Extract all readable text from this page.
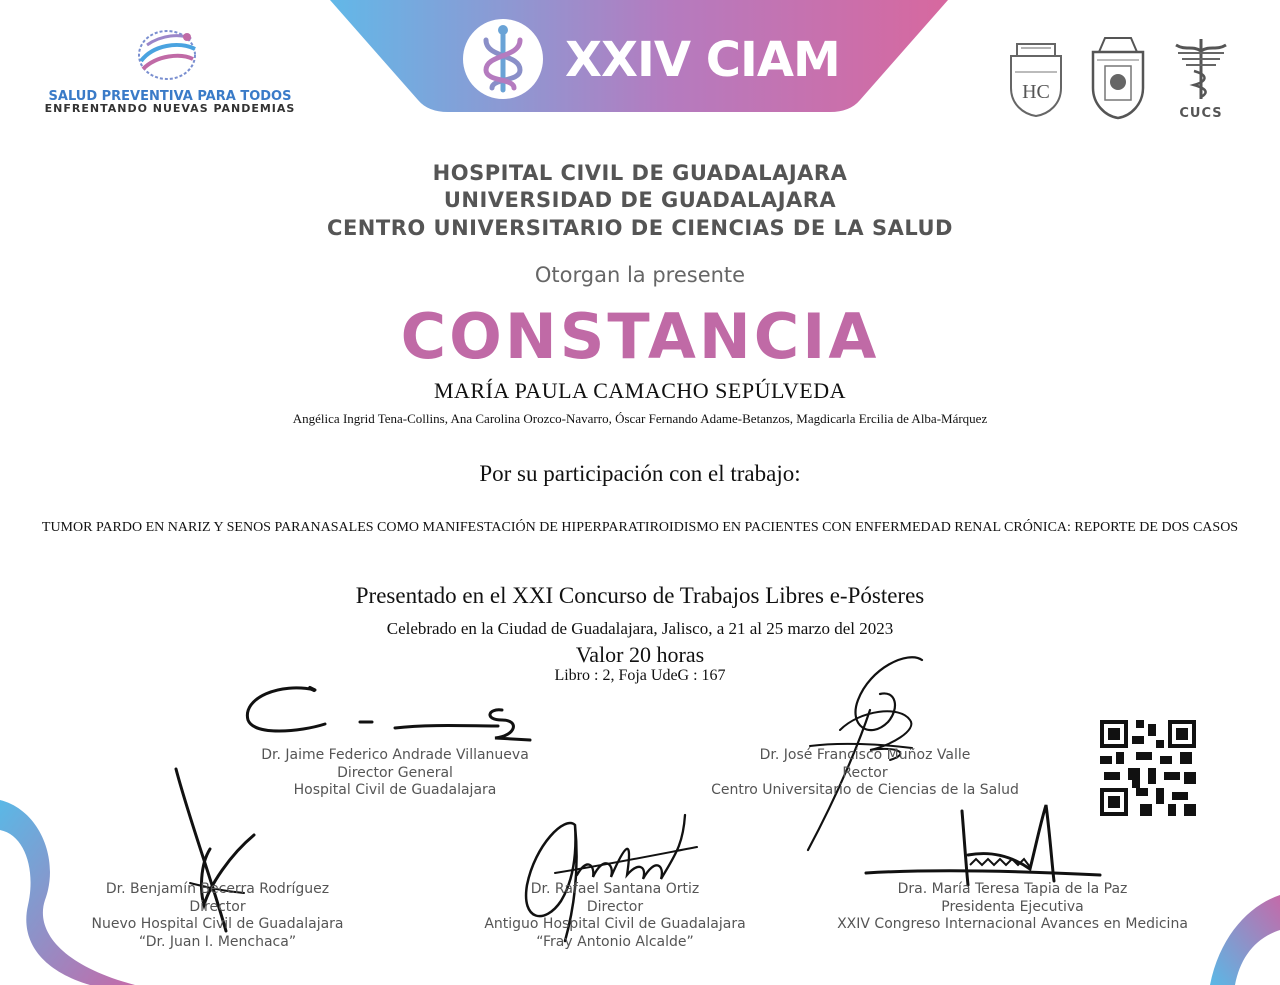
XXIV CIAM
SALUD PREVENTIVA PARA TODOS
ENFRENTANDO NUEVAS PANDEMIAS
HC
CUCS
HOSPITAL CIVIL DE GUADALAJARA
UNIVERSIDAD DE GUADALAJARA
CENTRO UNIVERSITARIO DE CIENCIAS DE LA SALUD
Otorgan la presente
CONSTANCIA
MARÍA PAULA CAMACHO SEPÚLVEDA
Angélica Ingrid Tena-Collins, Ana Carolina Orozco-Navarro, Óscar Fernando Adame-Betanzos, Magdicarla Ercilia de Alba-Márquez
Por su participación con el trabajo:
TUMOR PARDO EN NARIZ Y SENOS PARANASALES COMO MANIFESTACIÓN DE HIPERPARATIROIDISMO EN PACIENTES CON ENFERMEDAD RENAL CRÓNICA: REPORTE DE DOS CASOS
Presentado en el XXI Concurso de Trabajos Libres e-Pósteres
Celebrado en la Ciudad de Guadalajara, Jalisco, a 21 al 25 marzo del 2023
Valor 20 horas
Libro : 2, Foja UdeG : 167
Dr. Jaime Federico Andrade Villanueva
Director General
Hospital Civil de Guadalajara
Dr. José Francisco Muñoz Valle
Rector
Centro Universitario de Ciencias de la Salud
Dr. Benjamín Becerra Rodríguez
Director
Nuevo Hospital Civil de Guadalajara
“Dr. Juan I. Menchaca”
Dr. Rafael Santana Ortiz
Director
Antiguo Hospital Civil de Guadalajara
“Fray Antonio Alcalde”
Dra. María Teresa Tapia de la Paz
Presidenta Ejecutiva
XXIV Congreso Internacional Avances en Medicina
